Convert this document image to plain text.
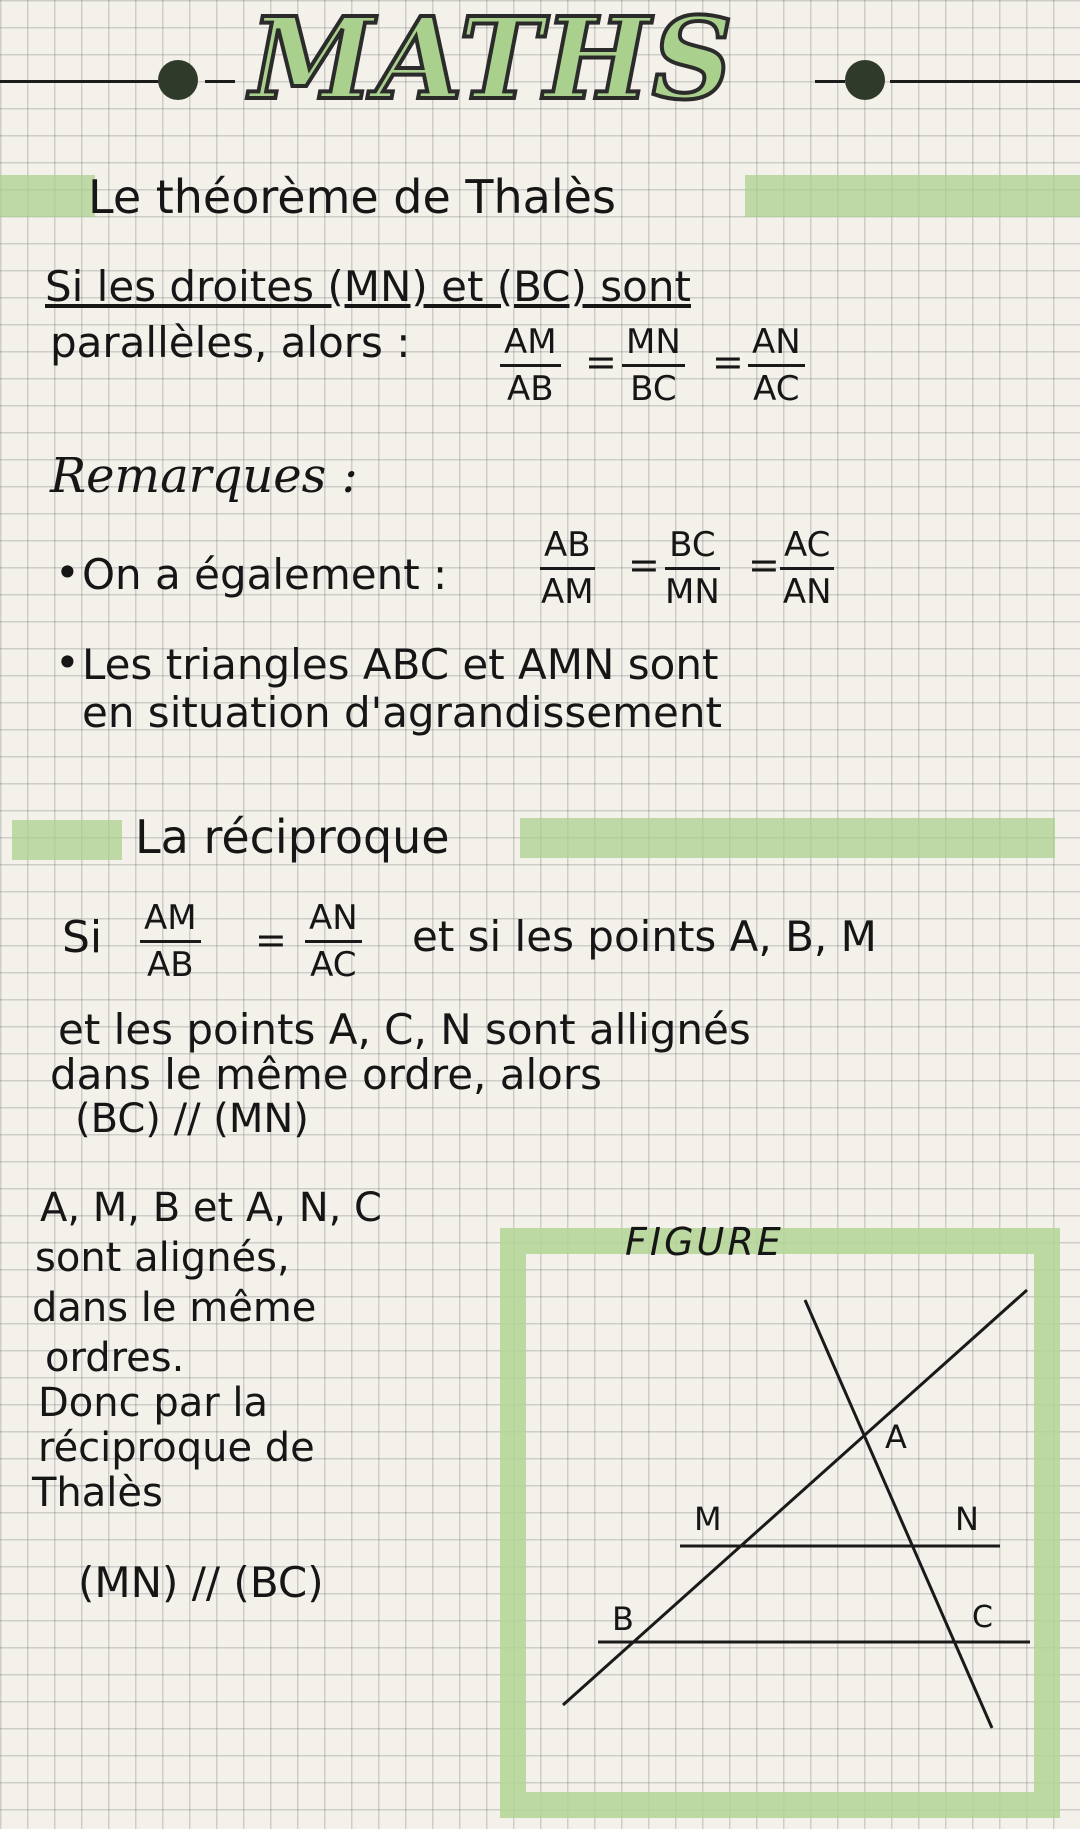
MATHS
Le théorème de Thalès
Si les droites (MN) et (BC) sont
parallèles, alors :	$\frac{AM}{AB} = \frac{MN}{BC} = \frac{AN}{AC}$
Remarques :
• On a également :	$\frac{AB}{AM} = \frac{BC}{MN} = \frac{AC}{AN}$
• Les triangles ABC et AMN sont
en situation d'agrandissement
La réciproque
Si $\frac{AM}{AB} = \frac{AN}{AC}$ et si les points A, B, M
et les points A, C, N sont allignés
dans le même ordre, alors
(BC) // (MN)
A, M, B et A, N, C
sont alignés,
dans le même
ordres.
Donc par la
réciproque de
Thalès
(MN) // (BC)
FIGURE
A
M	N
B	C
